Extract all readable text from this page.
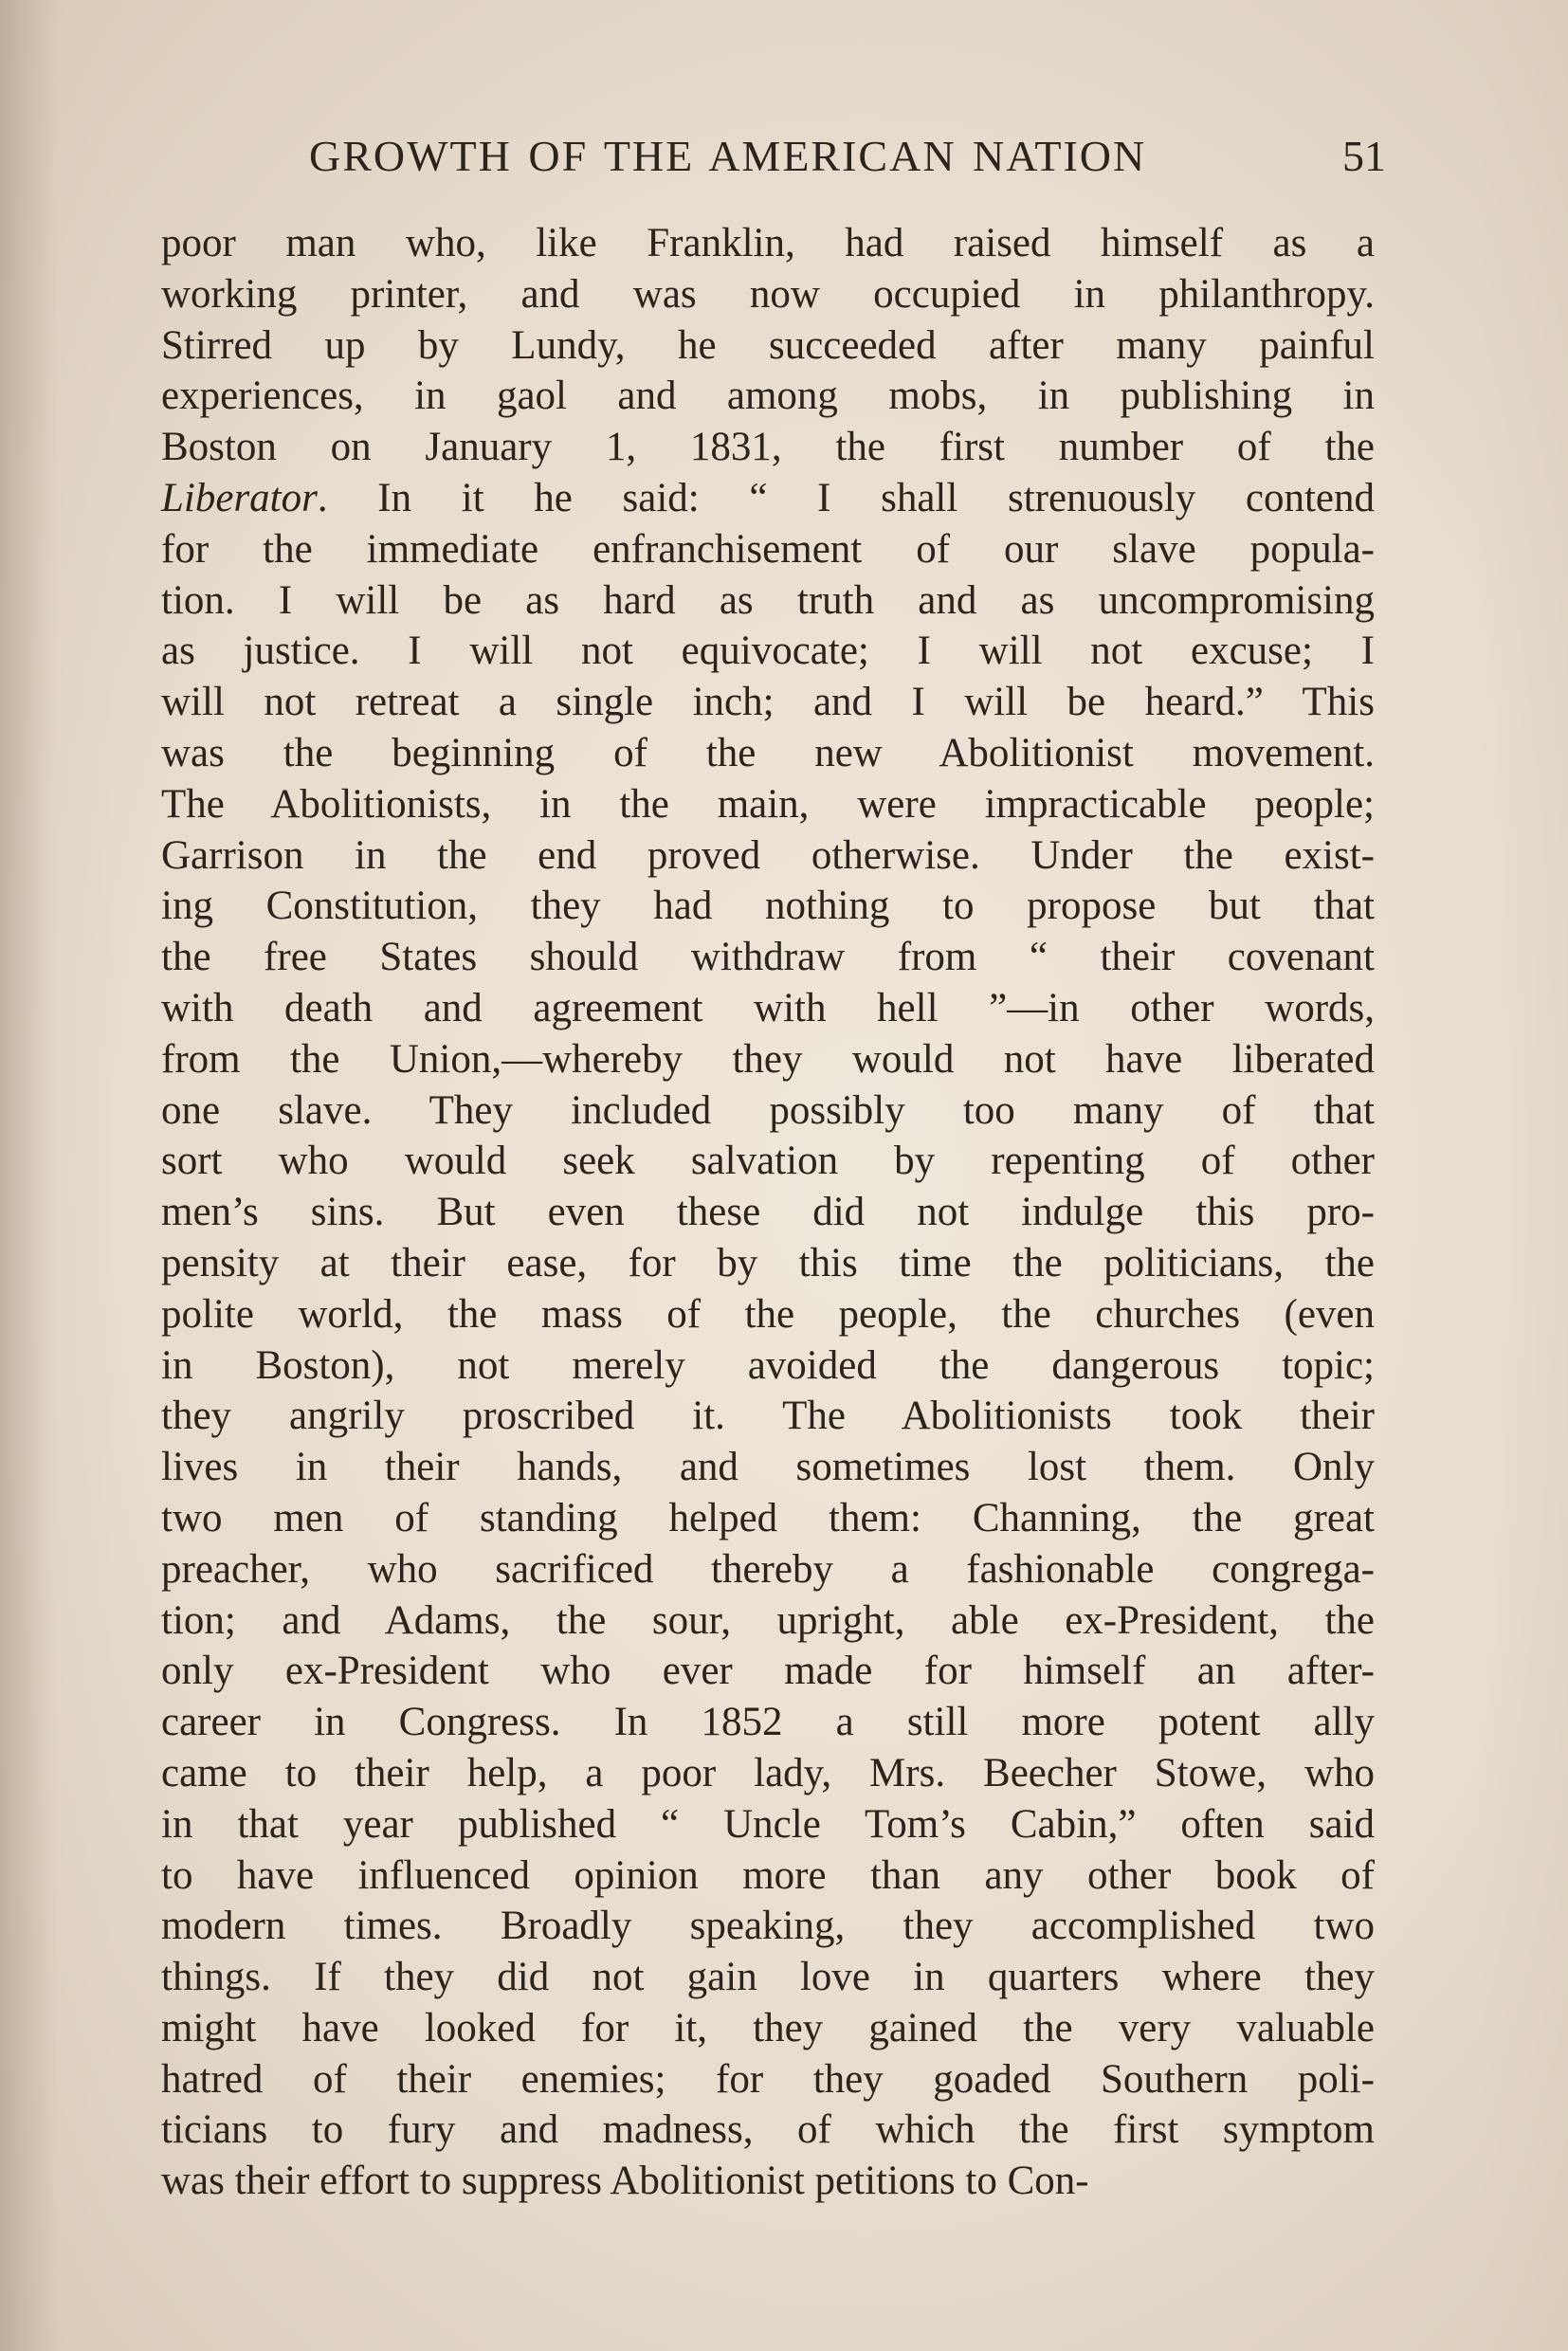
GROWTH OF THE AMERICAN NATION	51
poor man who, like Franklin, had raised himself as a
working printer, and was now occupied in philanthropy.
Stirred up by Lundy, he succeeded after many painful
experiences, in gaol and among mobs, in publishing in
Boston on January 1, 1831, the first number of the
Liberator. In it he said: “ I shall strenuously contend
for the immediate enfranchisement of our slave popula-
tion. I will be as hard as truth and as uncompromising
as justice. I will not equivocate; I will not excuse; I
will not retreat a single inch; and I will be heard.” This
was the beginning of the new Abolitionist movement.
The Abolitionists, in the main, were impracticable people;
Garrison in the end proved otherwise. Under the exist-
ing Constitution, they had nothing to propose but that
the free States should withdraw from “ their covenant
with death and agreement with hell ”—in other words,
from the Union,—whereby they would not have liberated
one slave. They included possibly too many of that
sort who would seek salvation by repenting of other
men’s sins. But even these did not indulge this pro-
pensity at their ease, for by this time the politicians, the
polite world, the mass of the people, the churches (even
in Boston), not merely avoided the dangerous topic;
they angrily proscribed it. The Abolitionists took their
lives in their hands, and sometimes lost them. Only
two men of standing helped them: Channing, the great
preacher, who sacrificed thereby a fashionable congrega-
tion; and Adams, the sour, upright, able ex-President, the
only ex-President who ever made for himself an after-
career in Congress. In 1852 a still more potent ally
came to their help, a poor lady, Mrs. Beecher Stowe, who
in that year published “ Uncle Tom’s Cabin,” often said
to have influenced opinion more than any other book of
modern times. Broadly speaking, they accomplished two
things. If they did not gain love in quarters where they
might have looked for it, they gained the very valuable
hatred of their enemies; for they goaded Southern poli-
ticians to fury and madness, of which the first symptom
was their effort to suppress Abolitionist petitions to Con-
